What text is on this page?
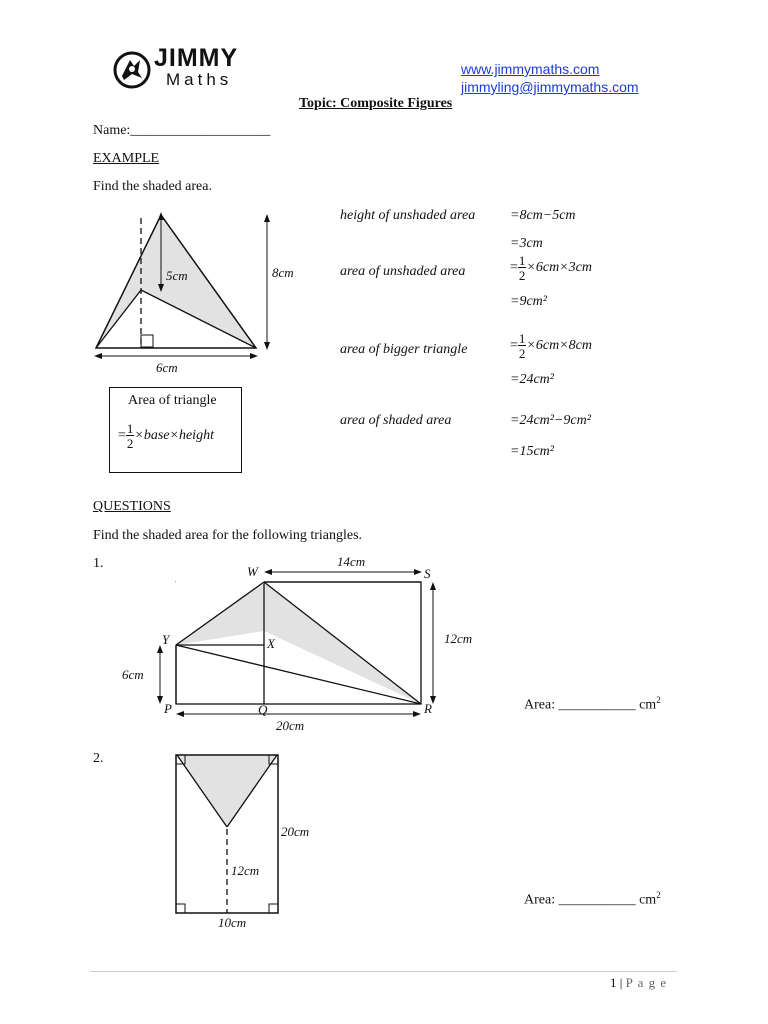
JIMMY
Maths
www.jimmymaths.com
jimmyling@jimmymaths.com
Topic: Composite Figures
Name:____________________
EXAMPLE
Find the shaded area.
5cm	8cm
6cm
Area of triangle
= $\frac{1}{2}$ ×base×height
height of unshaded area =8cm−5cm
=3cm
area of unshaded area	= $\frac{1}{2} \times 6cm\times 3cm$
=9cm²
area of bigger triangle	= $\frac{1}{2} \times 6cm\times 8cm$
=24cm²
area of shaded area	=24cm²−9cm²
=15cm²
QUESTIONS
Find the shaded area for the following triangles.
1.
W	S
Y	X
P	Q	R
14cm
12cm
6cm
20cm
Area: ___________ $cm^2$
2.
20cm
12cm
10cm
Area: ___________ $cm^2$
1 | P a g e
